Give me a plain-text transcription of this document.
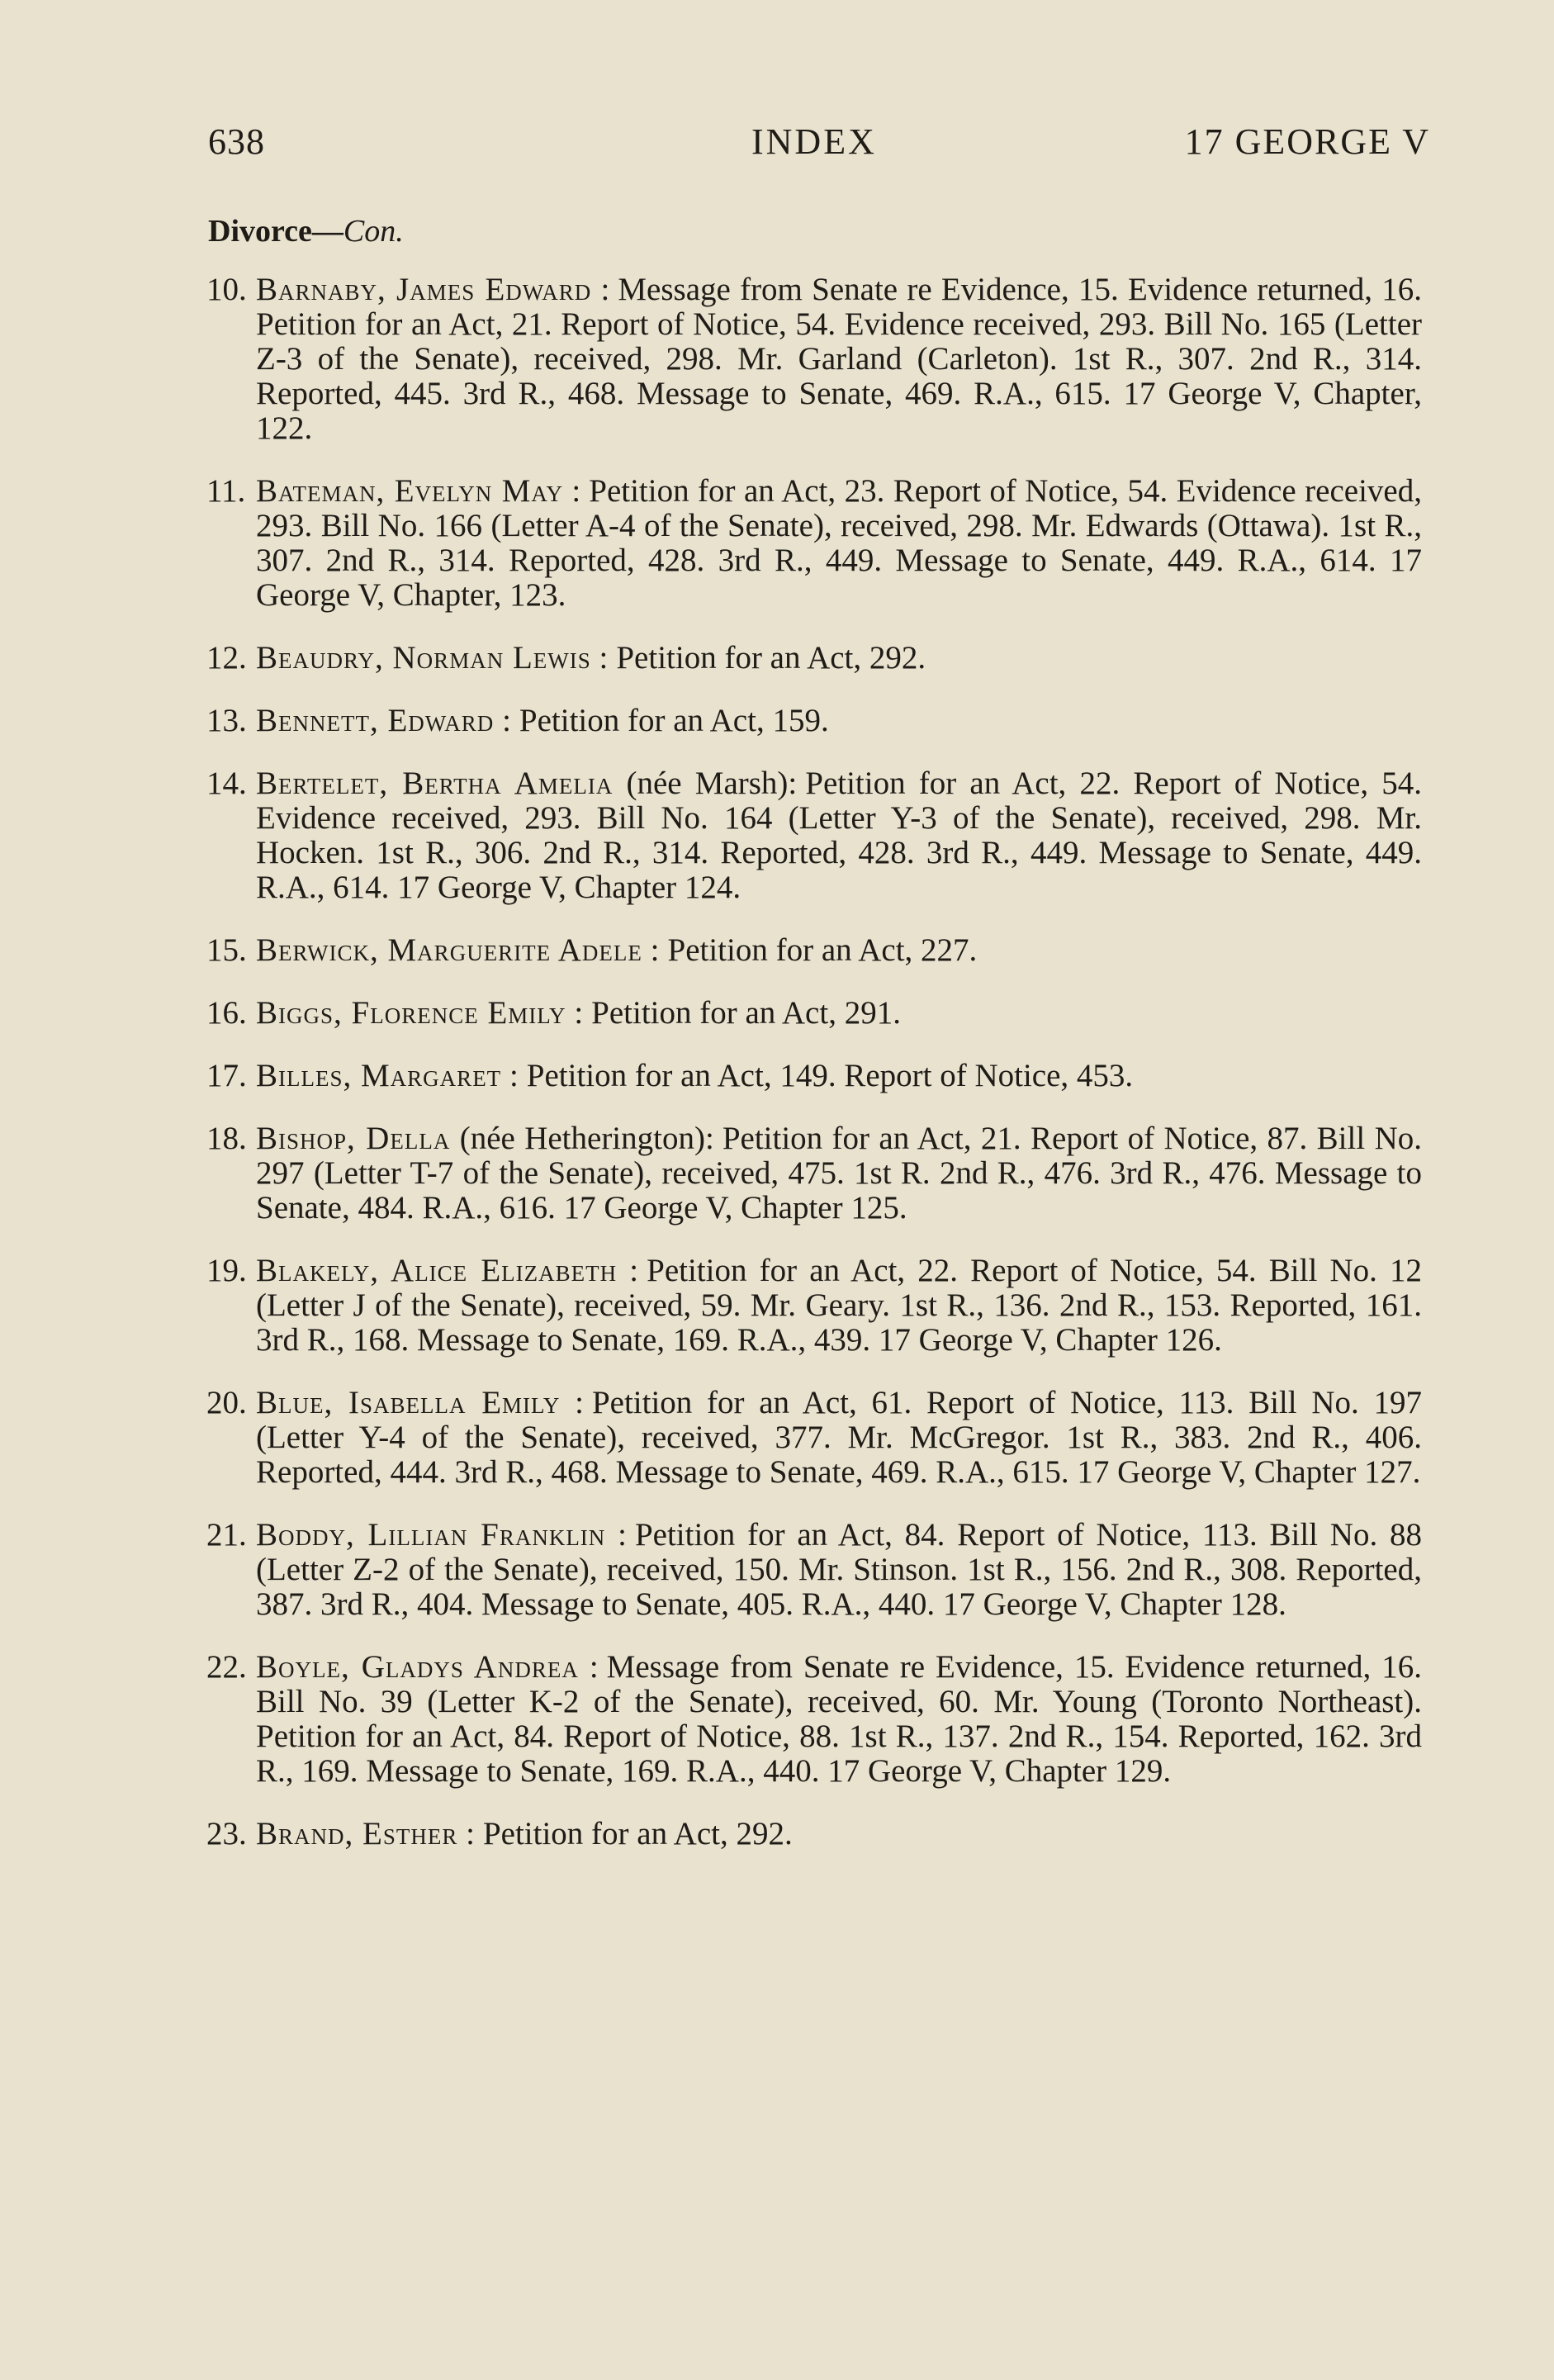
638	INDEX	17 GEORGE V
Divorce—Con.
10. Barnaby, James Edward : Message from Senate re Evidence, 15. Evidence returned, 16. Petition for an Act, 21. Report of Notice, 54. Evidence received, 293. Bill No. 165 (Letter Z-3 of the Senate), received, 298. Mr. Garland (Carleton). 1st R., 307. 2nd R., 314. Reported, 445. 3rd R., 468. Message to Senate, 469. R.A., 615. 17 George V, Chapter, 122.
11. Bateman, Evelyn May : Petition for an Act, 23. Report of Notice, 54. Evidence received, 293. Bill No. 166 (Letter A-4 of the Senate), received, 298. Mr. Edwards (Ottawa). 1st R., 307. 2nd R., 314. Reported, 428. 3rd R., 449. Message to Senate, 449. R.A., 614. 17 George V, Chapter, 123.
12. Beaudry, Norman Lewis : Petition for an Act, 292.
13. Bennett, Edward : Petition for an Act, 159.
14. Bertelet, Bertha Amelia (née Marsh): Petition for an Act, 22. Report of Notice, 54. Evidence received, 293. Bill No. 164 (Letter Y-3 of the Senate), received, 298. Mr. Hocken. 1st R., 306. 2nd R., 314. Reported, 428. 3rd R., 449. Message to Senate, 449. R.A., 614. 17 George V, Chapter 124.
15. Berwick, Marguerite Adele : Petition for an Act, 227.
16. Biggs, Florence Emily : Petition for an Act, 291.
17. Billes, Margaret : Petition for an Act, 149. Report of Notice, 453.
18. Bishop, Della (née Hetherington): Petition for an Act, 21. Report of Notice, 87. Bill No. 297 (Letter T-7 of the Senate), received, 475. 1st R. 2nd R., 476. 3rd R., 476. Message to Senate, 484. R.A., 616. 17 George V, Chapter 125.
19. Blakely, Alice Elizabeth : Petition for an Act, 22. Report of Notice, 54. Bill No. 12 (Letter J of the Senate), received, 59. Mr. Geary. 1st R., 136. 2nd R., 153. Reported, 161. 3rd R., 168. Message to Senate, 169. R.A., 439. 17 George V, Chapter 126.
20. Blue, Isabella Emily : Petition for an Act, 61. Report of Notice, 113. Bill No. 197 (Letter Y-4 of the Senate), received, 377. Mr. McGregor. 1st R., 383. 2nd R., 406. Reported, 444. 3rd R., 468. Message to Senate, 469. R.A., 615. 17 George V, Chapter 127.
21. Boddy, Lillian Franklin : Petition for an Act, 84. Report of Notice, 113. Bill No. 88 (Letter Z-2 of the Senate), received, 150. Mr. Stinson. 1st R., 156. 2nd R., 308. Reported, 387. 3rd R., 404. Message to Senate, 405. R.A., 440. 17 George V, Chapter 128.
22. Boyle, Gladys Andrea : Message from Senate re Evidence, 15. Evidence returned, 16. Bill No. 39 (Letter K-2 of the Senate), received, 60. Mr. Young (Toronto Northeast). Petition for an Act, 84. Report of Notice, 88. 1st R., 137. 2nd R., 154. Reported, 162. 3rd R., 169. Message to Senate, 169. R.A., 440. 17 George V, Chapter 129.
23. Brand, Esther : Petition for an Act, 292.
